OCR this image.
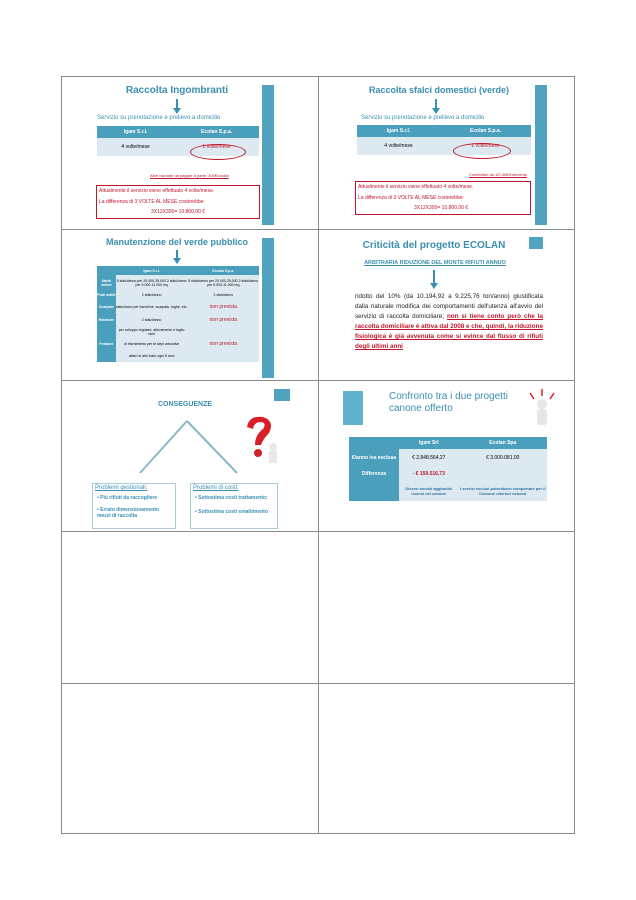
Raccolta Ingombranti
Servizio su prenotazione e prelievo a domicilio
Igam S.r.l.	Ecolan S.p.a.
4 volte/mese	1 volte/mese
Altre raccolte da pagare a parte: 300€/uscita
Attualmente il servizio viene effettuato 4 volte/mese.
La differenza di 3 VOLTE AL MESE costerebbe:
3X12X300= 10.800,00 €
Raccolta sfalci domestici (verde)
Servizio su prenotazione e prelievo a domicilio
Igam S.r.l.	Ecolan S.p.a.
4 volte/mese	1 volte/mese
Contenitori da 1/0,30€/intervento
Attualmente il servizio viene effettuato 4 volte/mese.
La differenza di 3 VOLTE AL MESE costerebbe:
3X12X300= 10.800,00 €
Manutenzione del verde pubblico
	Igam S.r.l.	Ecolan S.p.a.
Manti erbosi	5 sfalci/anno per 20.000-25.000 2 sfalci/anno per 9.000-11.000 mq	5 sfalci/anno per 20.000-25.000 2 sfalci/anno per 9.000-11.000 mq
Prati sottili	2 sfalci/anno	2 sfalci/anno
Scarpate	sfalci/anno per banchine, scarpate, fughe, etc.	non prevista
Rotatorie	2 sfalci/anno	non prevista
Potature	per sviluppo regolare, allevamento e taglio rami	non prevista
	di rifornimento per le siepi arbustive	
	alberi di alto fusto ogni 5 anni	
Criticità del progetto ECOLAN
ARBITRARIA RIDUZIONE DEL MONTE RIFIUTI ANNUO
ridotto del 10% (da 10.194,92 a 9.225,76 ton/anno) giustificata dalla naturale modifica dei comportamenti dell'utenza all'avvio del servizio di raccolta domiciliare; non si tiene conto però che la raccolta domiciliare è attiva dal 2008 e che, quindi, la riduzione fisiologica è già avvenuta come si evince dal flusso di rifiuti degli ultimi anni
CONSEGUENZE
Problemi gestionali:
• Più rifiuti da raccogliere
• Errato dimensionamento mezzi di raccolta
Problemi di costi:
• Sottostima costi trattamento;
• Sottostima costi smaltimento
Confronto tra i due progetti canone offerto
	Igam Srl	Ecolan Spa
€/anno iva esclusa	€ 2.848.564,27	€ 3.000.081,00
Differenza	- € 159.516,73	
	Diversi servizi aggiuntivi inclusi nel canone	I servizi esclusi potrebbero comportare per il Comune ulteriori esborsi
